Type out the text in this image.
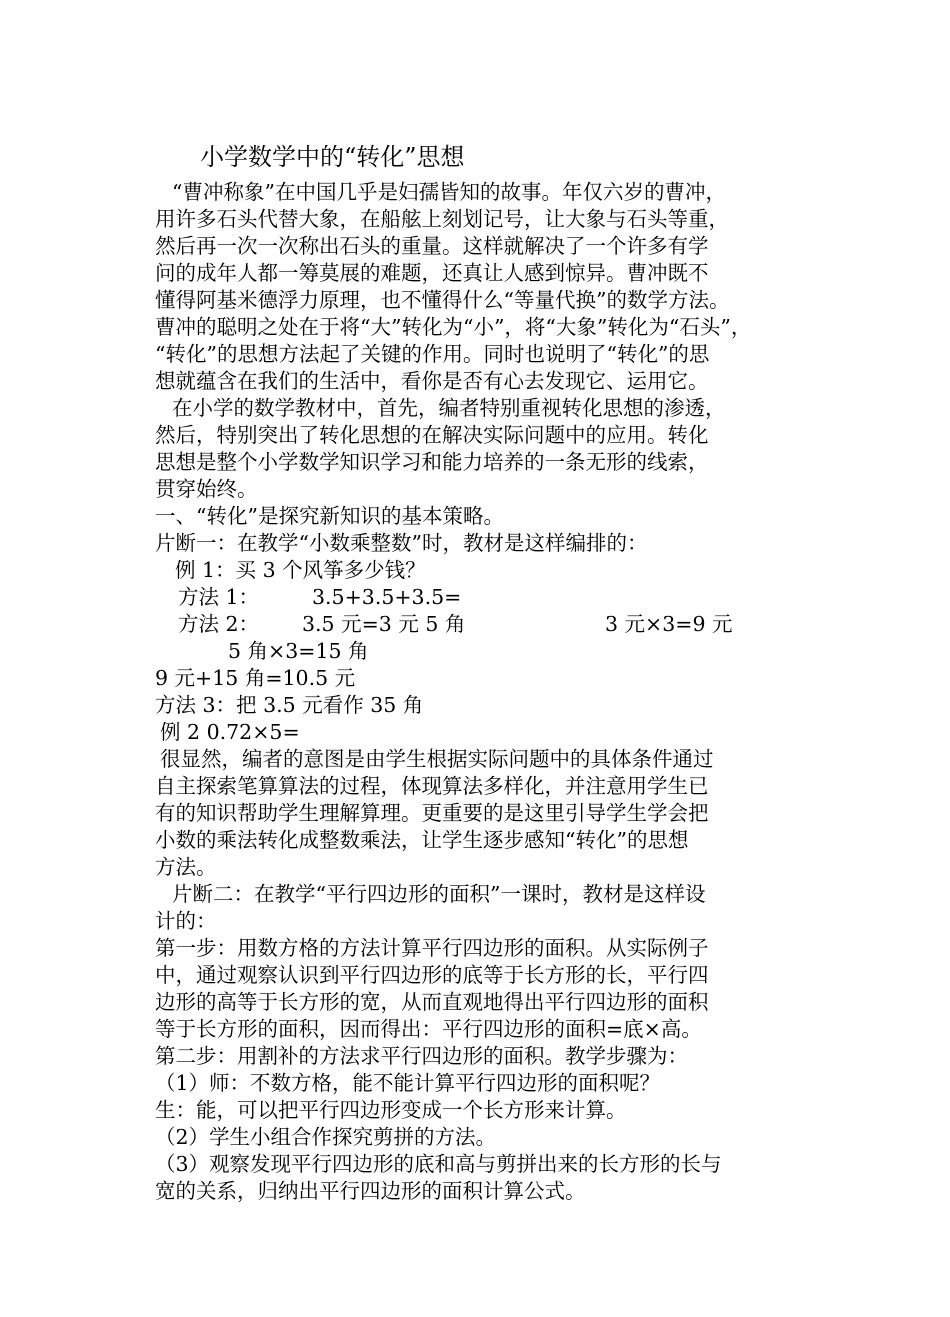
小学数学中的“转化”思想
“曹冲称象”在中国几乎是妇孺皆知的故事。年仅六岁的曹冲，
用许多石头代替大象，在船舷上刻划记号，让大象与石头等重，
然后再一次一次称出石头的重量。这样就解决了一个许多有学
问的成年人都一筹莫展的难题，还真让人感到惊异。曹冲既不
懂得阿基米德浮力原理，也不懂得什么“等量代换”的数学方法。
曹冲的聪明之处在于将“大”转化为“小”，将“大象”转化为“石头”，
“转化”的思想方法起了关键的作用。同时也说明了“转化”的思
想就蕴含在我们的生活中，看你是否有心去发现它、运用它。
在小学的数学教材中，首先，编者特别重视转化思想的渗透，
然后，特别突出了转化思想的在解决实际问题中的应用。转化
思想是整个小学数学知识学习和能力培养的一条无形的线索，
贯穿始终。
一、“转化”是探究新知识的基本策略。
片断一：在教学“小数乘整数”时，教材是这样编排的：
例 1：买 3 个风筝多少钱？
方法 1：	3.5+3.5+3.5=
方法 2： 3.5 元=3 元 5 角	3 元×3=9 元
5 角×3=15 角
9 元+15 角=10.5 元
方法 3：把 3.5 元看作 35 角
例 2 0.72×5=
很显然，编者的意图是由学生根据实际问题中的具体条件通过
自主探索笔算算法的过程，体现算法多样化，并注意用学生已
有的知识帮助学生理解算理。更重要的是这里引导学生学会把
小数的乘法转化成整数乘法，让学生逐步感知“转化”的思想
方法。
片断二：在教学“平行四边形的面积”一课时，教材是这样设
计的：
第一步：用数方格的方法计算平行四边形的面积。从实际例子
中，通过观察认识到平行四边形的底等于长方形的长，平行四
边形的高等于长方形的宽，从而直观地得出平行四边形的面积
等于长方形的面积，因而得出：平行四边形的面积=底×高。
第二步：用割补的方法求平行四边形的面积。教学步骤为：
（1）师：不数方格，能不能计算平行四边形的面积呢？
生：能，可以把平行四边形变成一个长方形来计算。
（2）学生小组合作探究剪拼的方法。
（3）观察发现平行四边形的底和高与剪拼出来的长方形的长与
宽的关系，归纳出平行四边形的面积计算公式。
